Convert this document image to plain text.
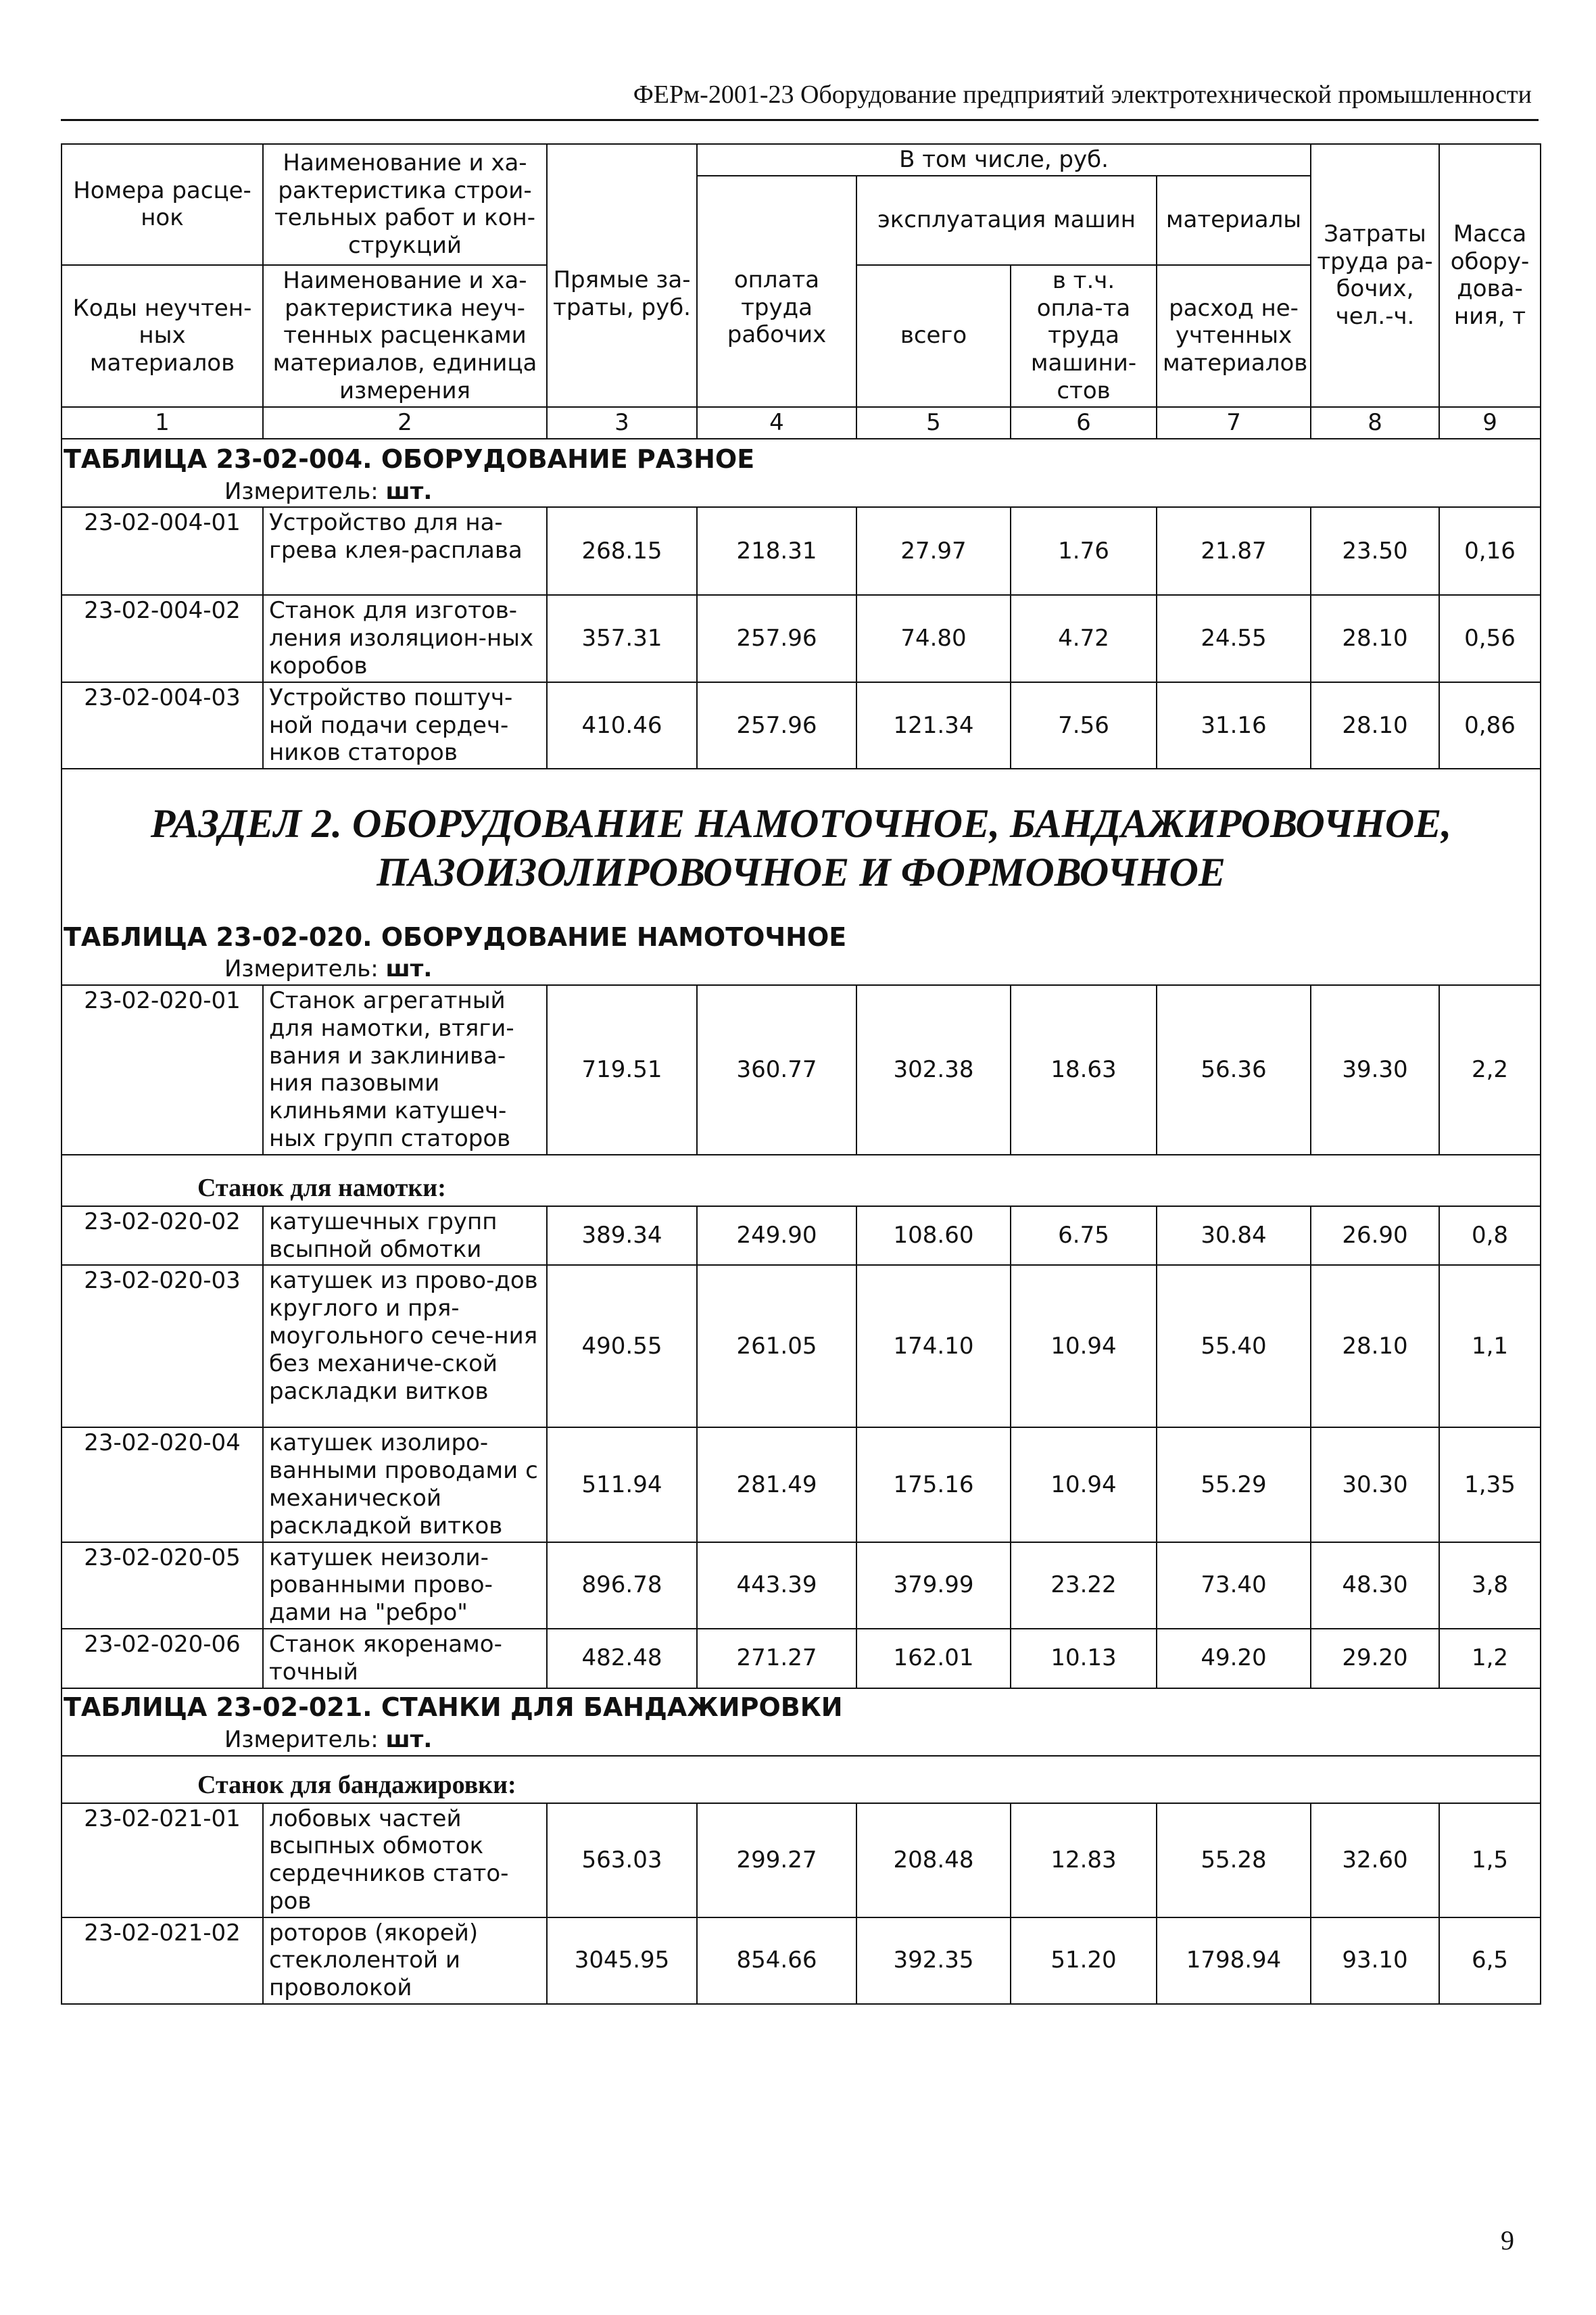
ФЕРм-2001-23 Оборудование предприятий электротехнической промышленности
Номера расце-нок	Наименование и ха-рактеристика строи-тельных работ и кон-струкций		В том числе, руб.				Затраты труда ра-бочих, чел.-ч.	Масса обору-дова-ния, т
				эксплуатация машин		материалы		

Коды неучтен-ных материалов	Наименование и ха-рактеристика неуч-тенных расценками материалов, единица измерения	Прямые за-траты, руб.	оплата труда рабочих	всего	в т.ч. опла-та труда машини-стов	расход не-учтенных материалов		

1	2	3	4	5	6	7	8	9

ТАБЛИЦА 23-02-004. ОБОРУДОВАНИЕ РАЗНОЕ								

Измеритель: шт.								
23-02-004-01	Устройство для на-грева клея-расплава	268.15	218.31	27.97	1.76	21.87	23.50	0,16
23-02-004-02	Станок для изготов-ления изоляцион-ных коробов	357.31	257.96	74.80	4.72	24.55	28.10	0,56
23-02-004-03	Устройство поштуч-ной подачи сердеч-ников статоров	410.46	257.96	121.34	7.56	31.16	28.10	0,86

РАЗДЕЛ 2. ОБОРУДОВАНИЕ НАМОТОЧНОЕ, БАНДАЖИРОВОЧНОЕ,
ПАЗОИЗОЛИРОВОЧНОЕ И ФОРМОВОЧНОЕ								

ТАБЛИЦА 23-02-020. ОБОРУДОВАНИЕ НАМОТОЧНОЕ								

Измеритель: шт.								
23-02-020-01	Станок агрегатный для намотки, втяги-вания и заклинива-ния пазовыми клиньями катушеч-ных групп статоров	719.51	360.77	302.38	18.63	56.36	39.30	2,2
Станок для намотки:								
23-02-020-02	катушечных групп всыпной обмотки	389.34	249.90	108.60	6.75	30.84	26.90	0,8
23-02-020-03	катушек из прово-дов круглого и пря-моугольного сече-ния без механиче-ской раскладки витков	490.55	261.05	174.10	10.94	55.40	28.10	1,1
23-02-020-04	катушек изолиро-ванными проводами с механической раскладкой витков	511.94	281.49	175.16	10.94	55.29	30.30	1,35
23-02-020-05	катушек неизоли-рованными прово-дами на "ребро"	896.78	443.39	379.99	23.22	73.40	48.30	3,8
23-02-020-06	Станок якоренамо-точный	482.48	271.27	162.01	10.13	49.20	29.20	1,2

ТАБЛИЦА 23-02-021. СТАНКИ ДЛЯ БАНДАЖИРОВКИ								

Измеритель: шт.								
Станок для бандажировки:								
23-02-021-01	лобовых частей всыпных обмоток сердечников стато-ров	563.03	299.27	208.48	12.83	55.28	32.60	1,5
23-02-021-02	роторов (якорей) стеклолентой и проволокой	3045.95	854.66	392.35	51.20	1798.94	93.10	6,5
9
